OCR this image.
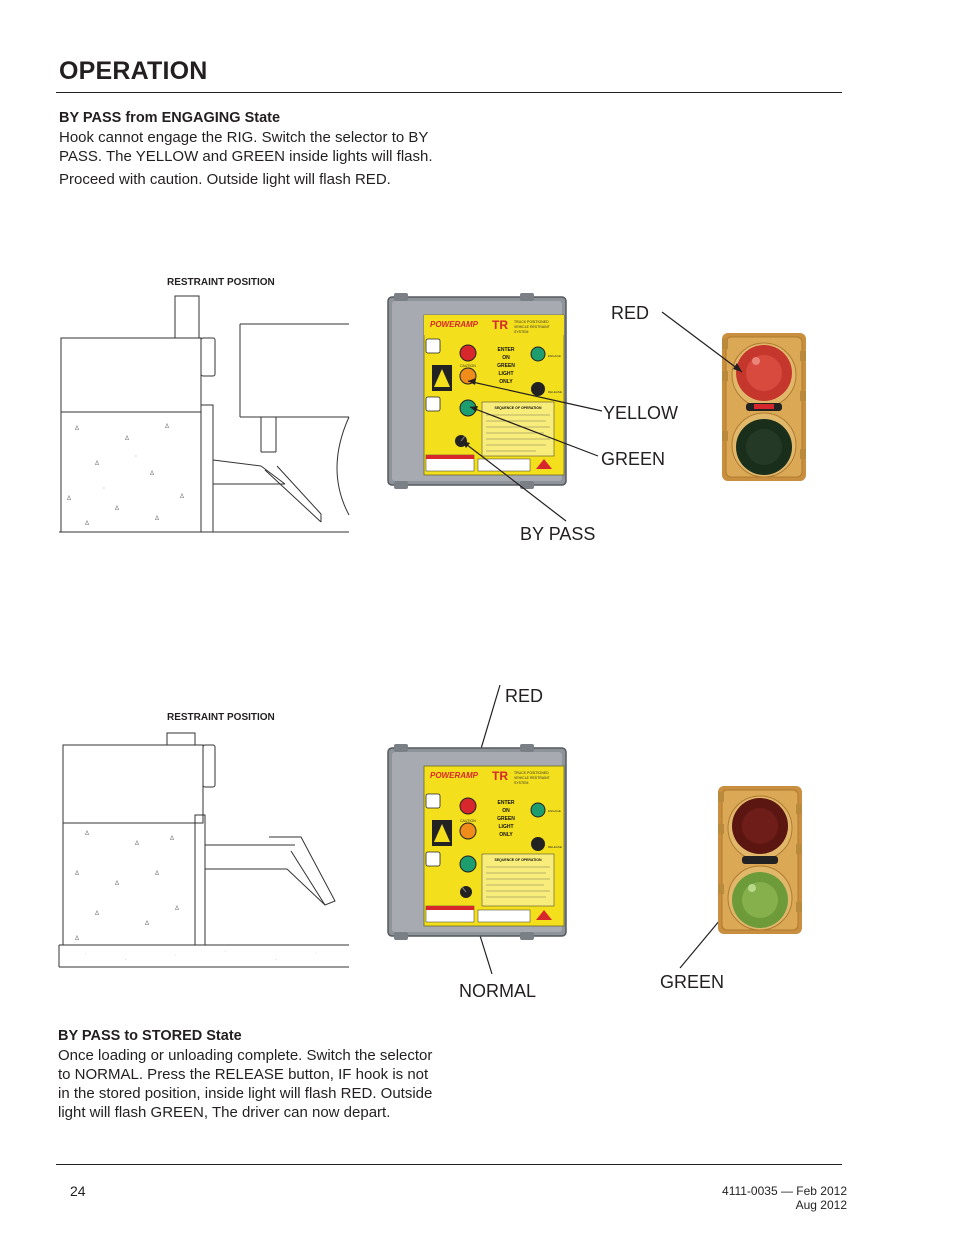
OPERATION
BY PASS from ENGAGING State
Hook cannot engage the RIG. Switch the selector to BY
PASS. The YELLOW and GREEN inside lights will flash.
Proceed with caution. Outside light will flash RED.
RESTRAINT POSITION
Δ
Δ
Δ
Δ
Δ
Δ
Δ
Δ
Δ
Δ
⋅
⋅
POWERAMP TR TRUCK POSITIONED
VEHICLE RESTRAINT
SYSTEM
CAUTION
ENTER
ON
GREEN
LIGHT
ONLY
ENGAGE
RELEASE
SEQUENCE OF OPERATION
RED
YELLOW
GREEN
BY PASS
RESTRAINT POSITION
⋅
⋅
⋅
⋅
⋅
⋅
Δ
Δ
Δ
Δ
Δ
Δ
Δ
Δ
Δ
Δ
POWERAMP TR TRUCK POSITIONED
VEHICLE RESTRAINT
SYSTEM
CAUTION
ENTER
ON
GREEN
LIGHT
ONLY
ENGAGE
RELEASE
SEQUENCE OF OPERATION
RED
NORMAL	GREEN
BY PASS to STORED State
Once loading or unloading complete. Switch the selector
to NORMAL. Press the RELEASE button, IF hook is not
in the stored position, inside light will flash RED. Outside
light will flash GREEN, The driver can now depart.
24	4111-0035 — Feb 2012
Aug 2012
